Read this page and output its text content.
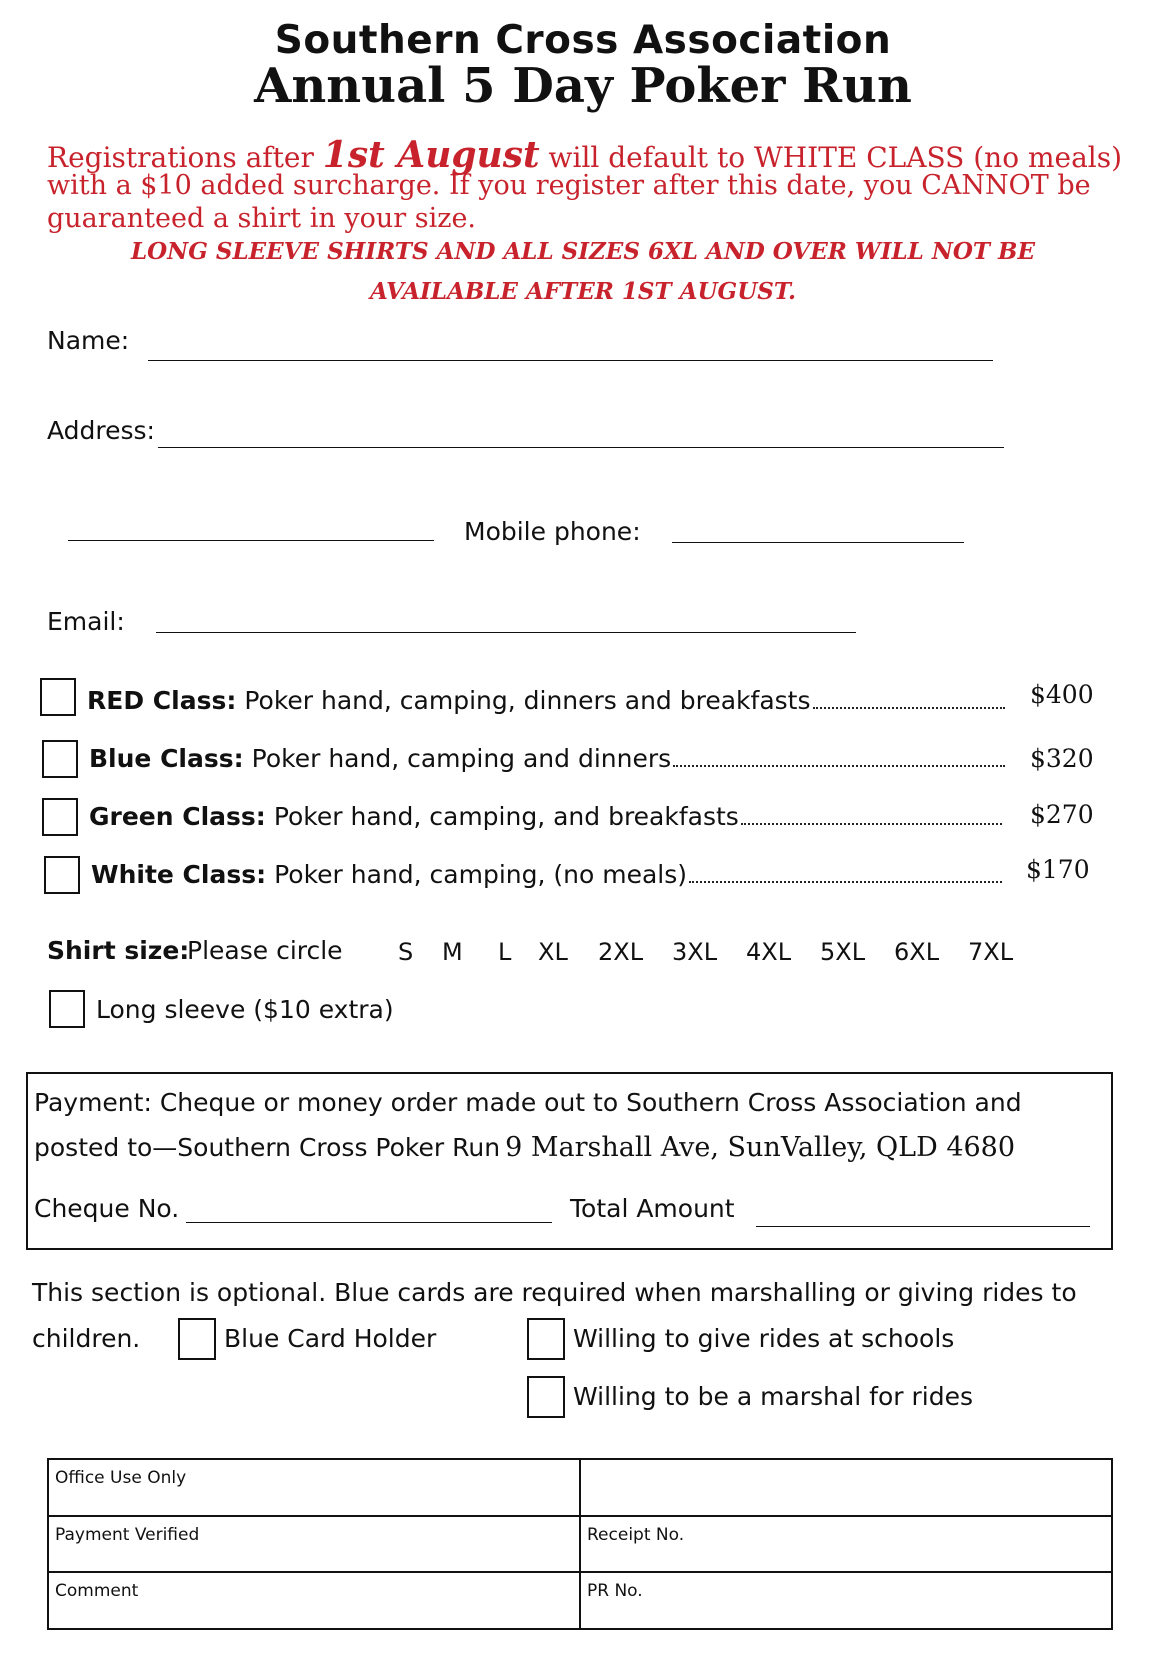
Southern Cross Association
Annual 5 Day Poker Run
Registrations after 1st August will default to WHITE CLASS (no meals)
with a $10 added surcharge. If you register after this date, you CANNOT be
guaranteed a shirt in your size.
LONG SLEEVE SHIRTS AND ALL SIZES 6XL AND OVER WILL NOT BE
AVAILABLE AFTER 1ST AUGUST.
Name:
Address:
Mobile phone:
Email:
RED Class: Poker hand, camping, dinners and breakfasts	$400
Blue Class: Poker hand, camping and dinners	$320
Green Class: Poker hand, camping, and breakfasts	$270
White Class: Poker hand, camping, (no meals)	$170
Shirt size:
Please circle S M L XL 2XL 3XL 4XL 5XL 6XL 7XL
Long sleeve ($10 extra)
Payment: Cheque or money order made out to Southern Cross Association and
posted to—Southern Cross Poker Run 9 Marshall Ave, SunValley, QLD 4680
Cheque No.	Total Amount
This section is optional. Blue cards are required when marshalling or giving rides to
children.	Blue Card Holder	Willing to give rides at schools
Willing to be a marshal for rides
Office Use Only	
Payment Verified	Receipt No.
Comment	PR No.
